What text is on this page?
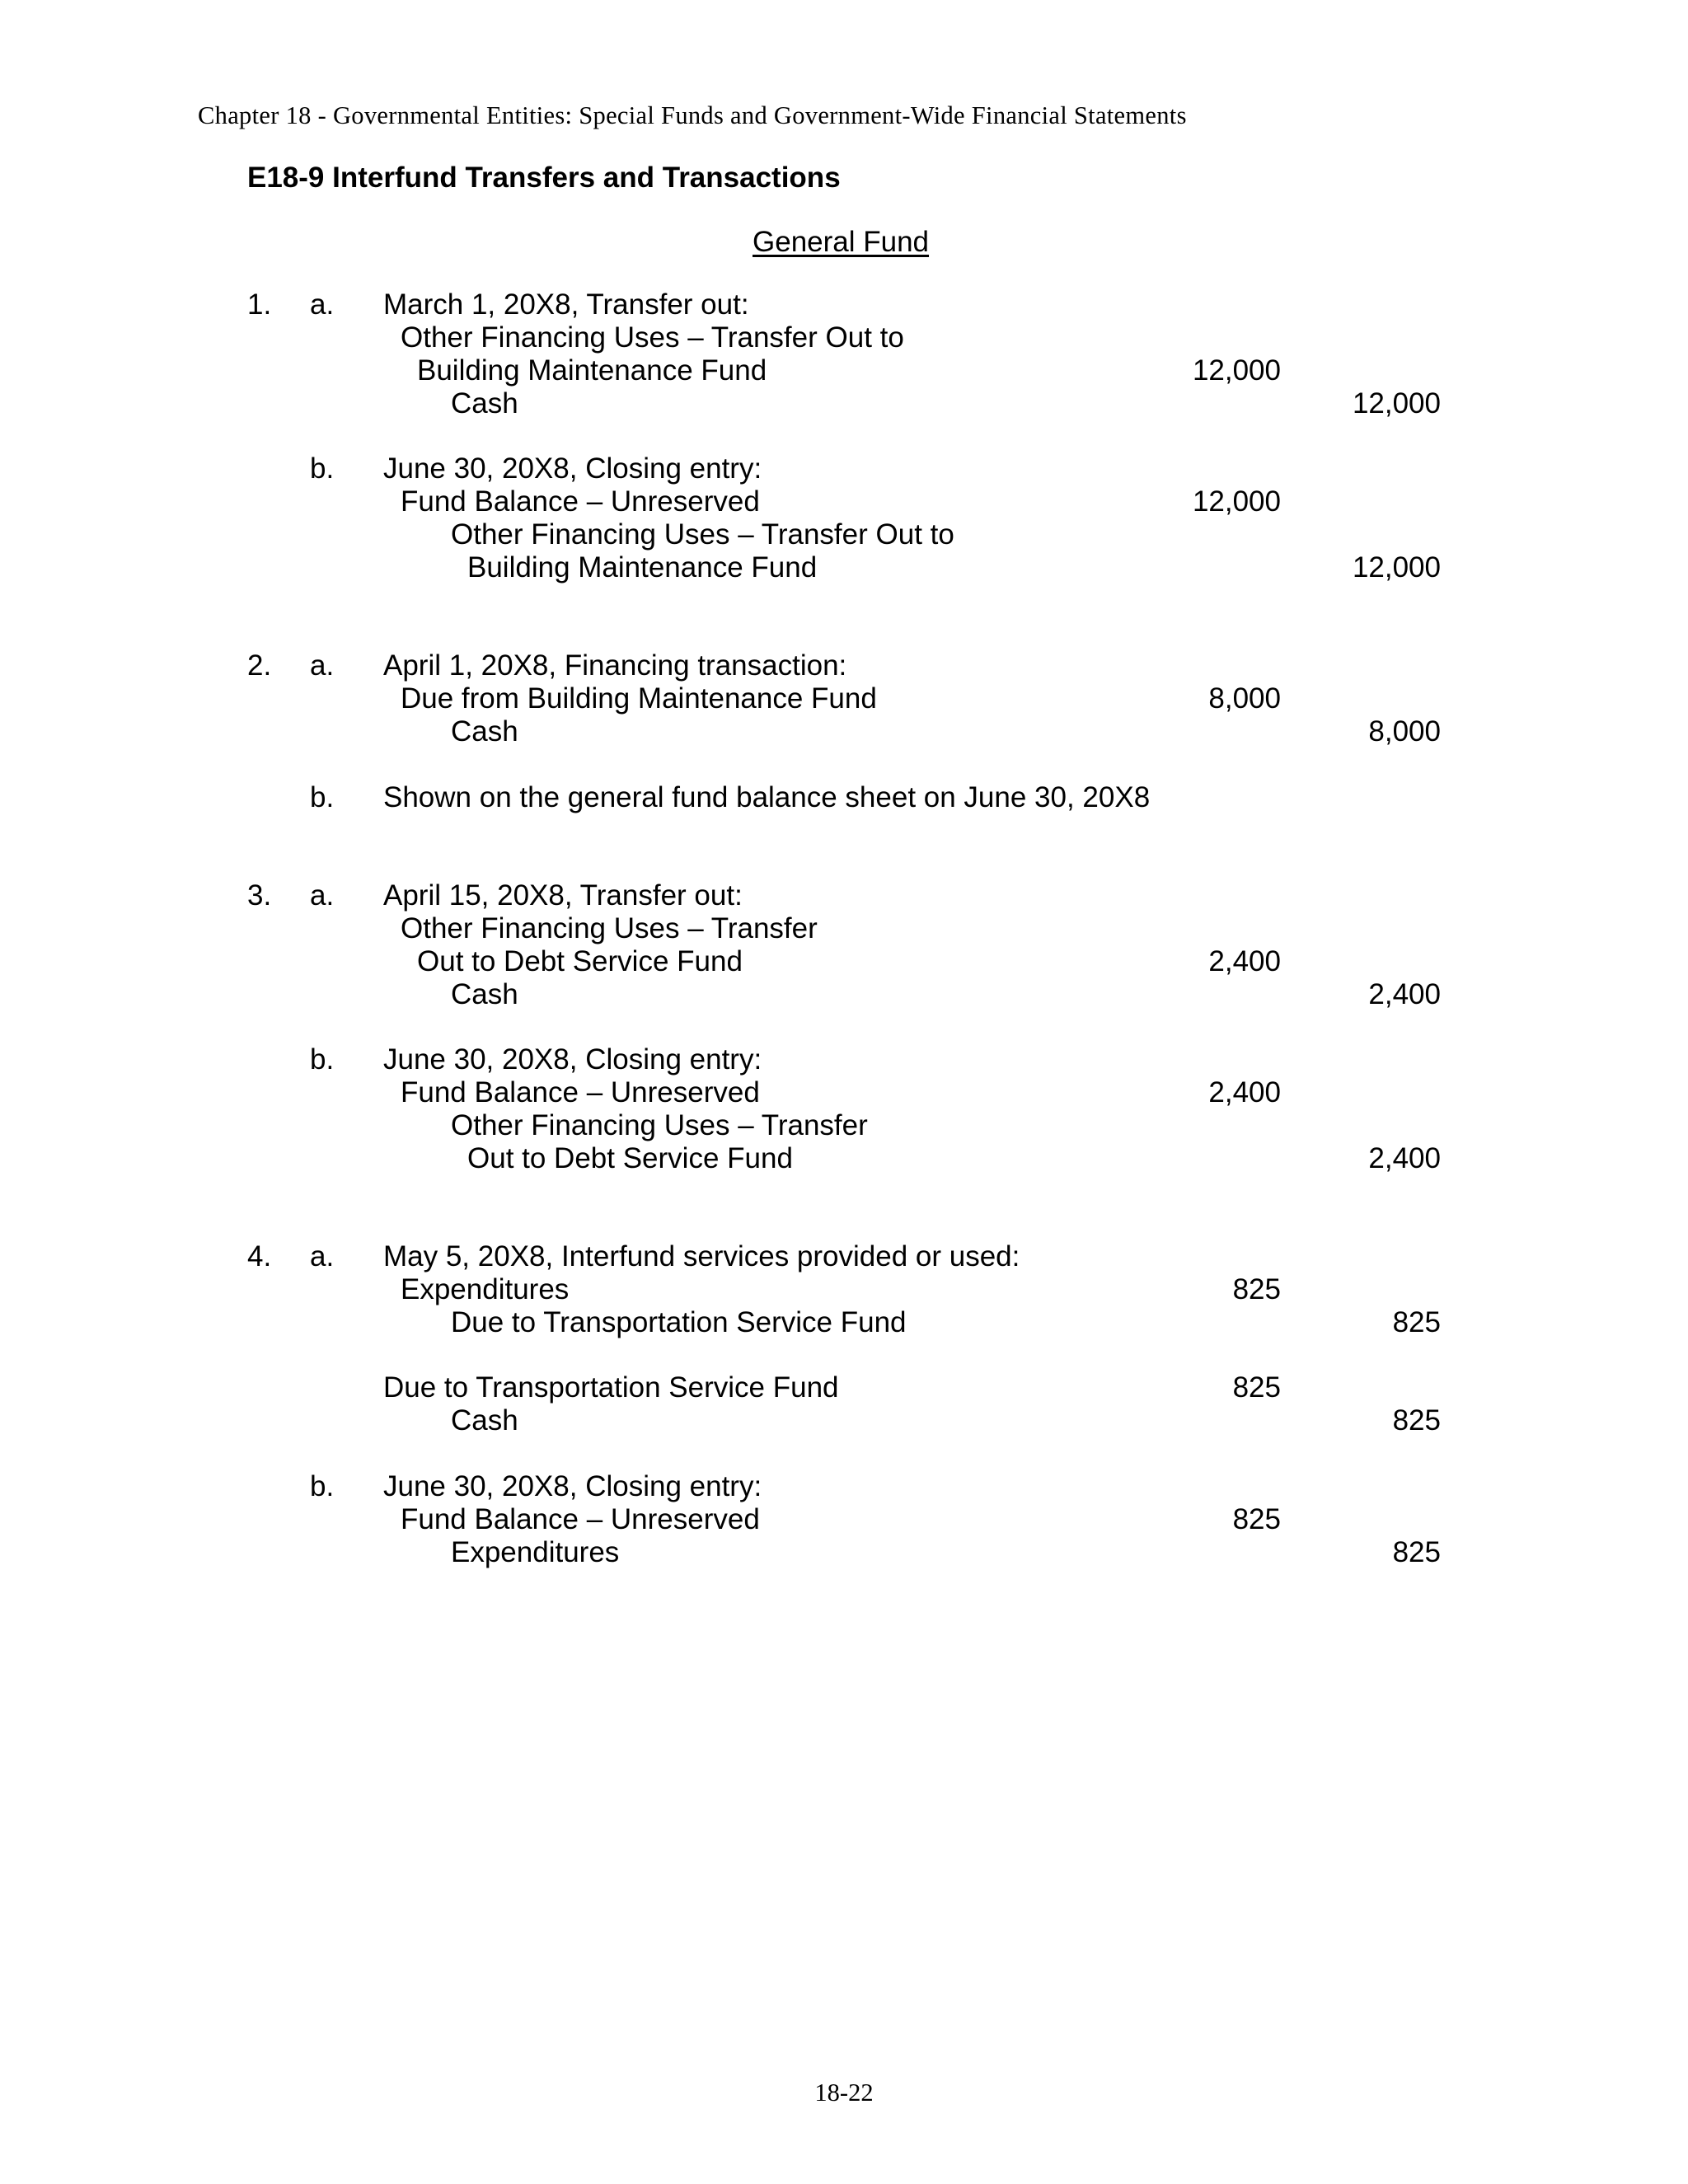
Chapter 18 - Governmental Entities: Special Funds and Government-Wide Financial Statements
E18-9 Interfund Transfers and Transactions
General Fund
1. a. March 1, 20X8, Transfer out:
Other Financing Uses – Transfer Out to
Building Maintenance Fund	12,000
Cash	12,000
b. June 30, 20X8, Closing entry:
Fund Balance – Unreserved	12,000
Other Financing Uses – Transfer Out to
Building Maintenance Fund	12,000
2. a. April 1, 20X8, Financing transaction:
Due from Building Maintenance Fund	8,000
Cash	8,000
b. Shown on the general fund balance sheet on June 30, 20X8
3. a. April 15, 20X8, Transfer out:
Other Financing Uses – Transfer
Out to Debt Service Fund	2,400
Cash	2,400
b. June 30, 20X8, Closing entry:
Fund Balance – Unreserved	2,400
Other Financing Uses – Transfer
Out to Debt Service Fund	2,400
4. a. May 5, 20X8, Interfund services provided or used:
Expenditures	825
Due to Transportation Service Fund	825
Due to Transportation Service Fund	825
Cash	825
b. June 30, 20X8, Closing entry:
Fund Balance – Unreserved	825
Expenditures	825
18-22
